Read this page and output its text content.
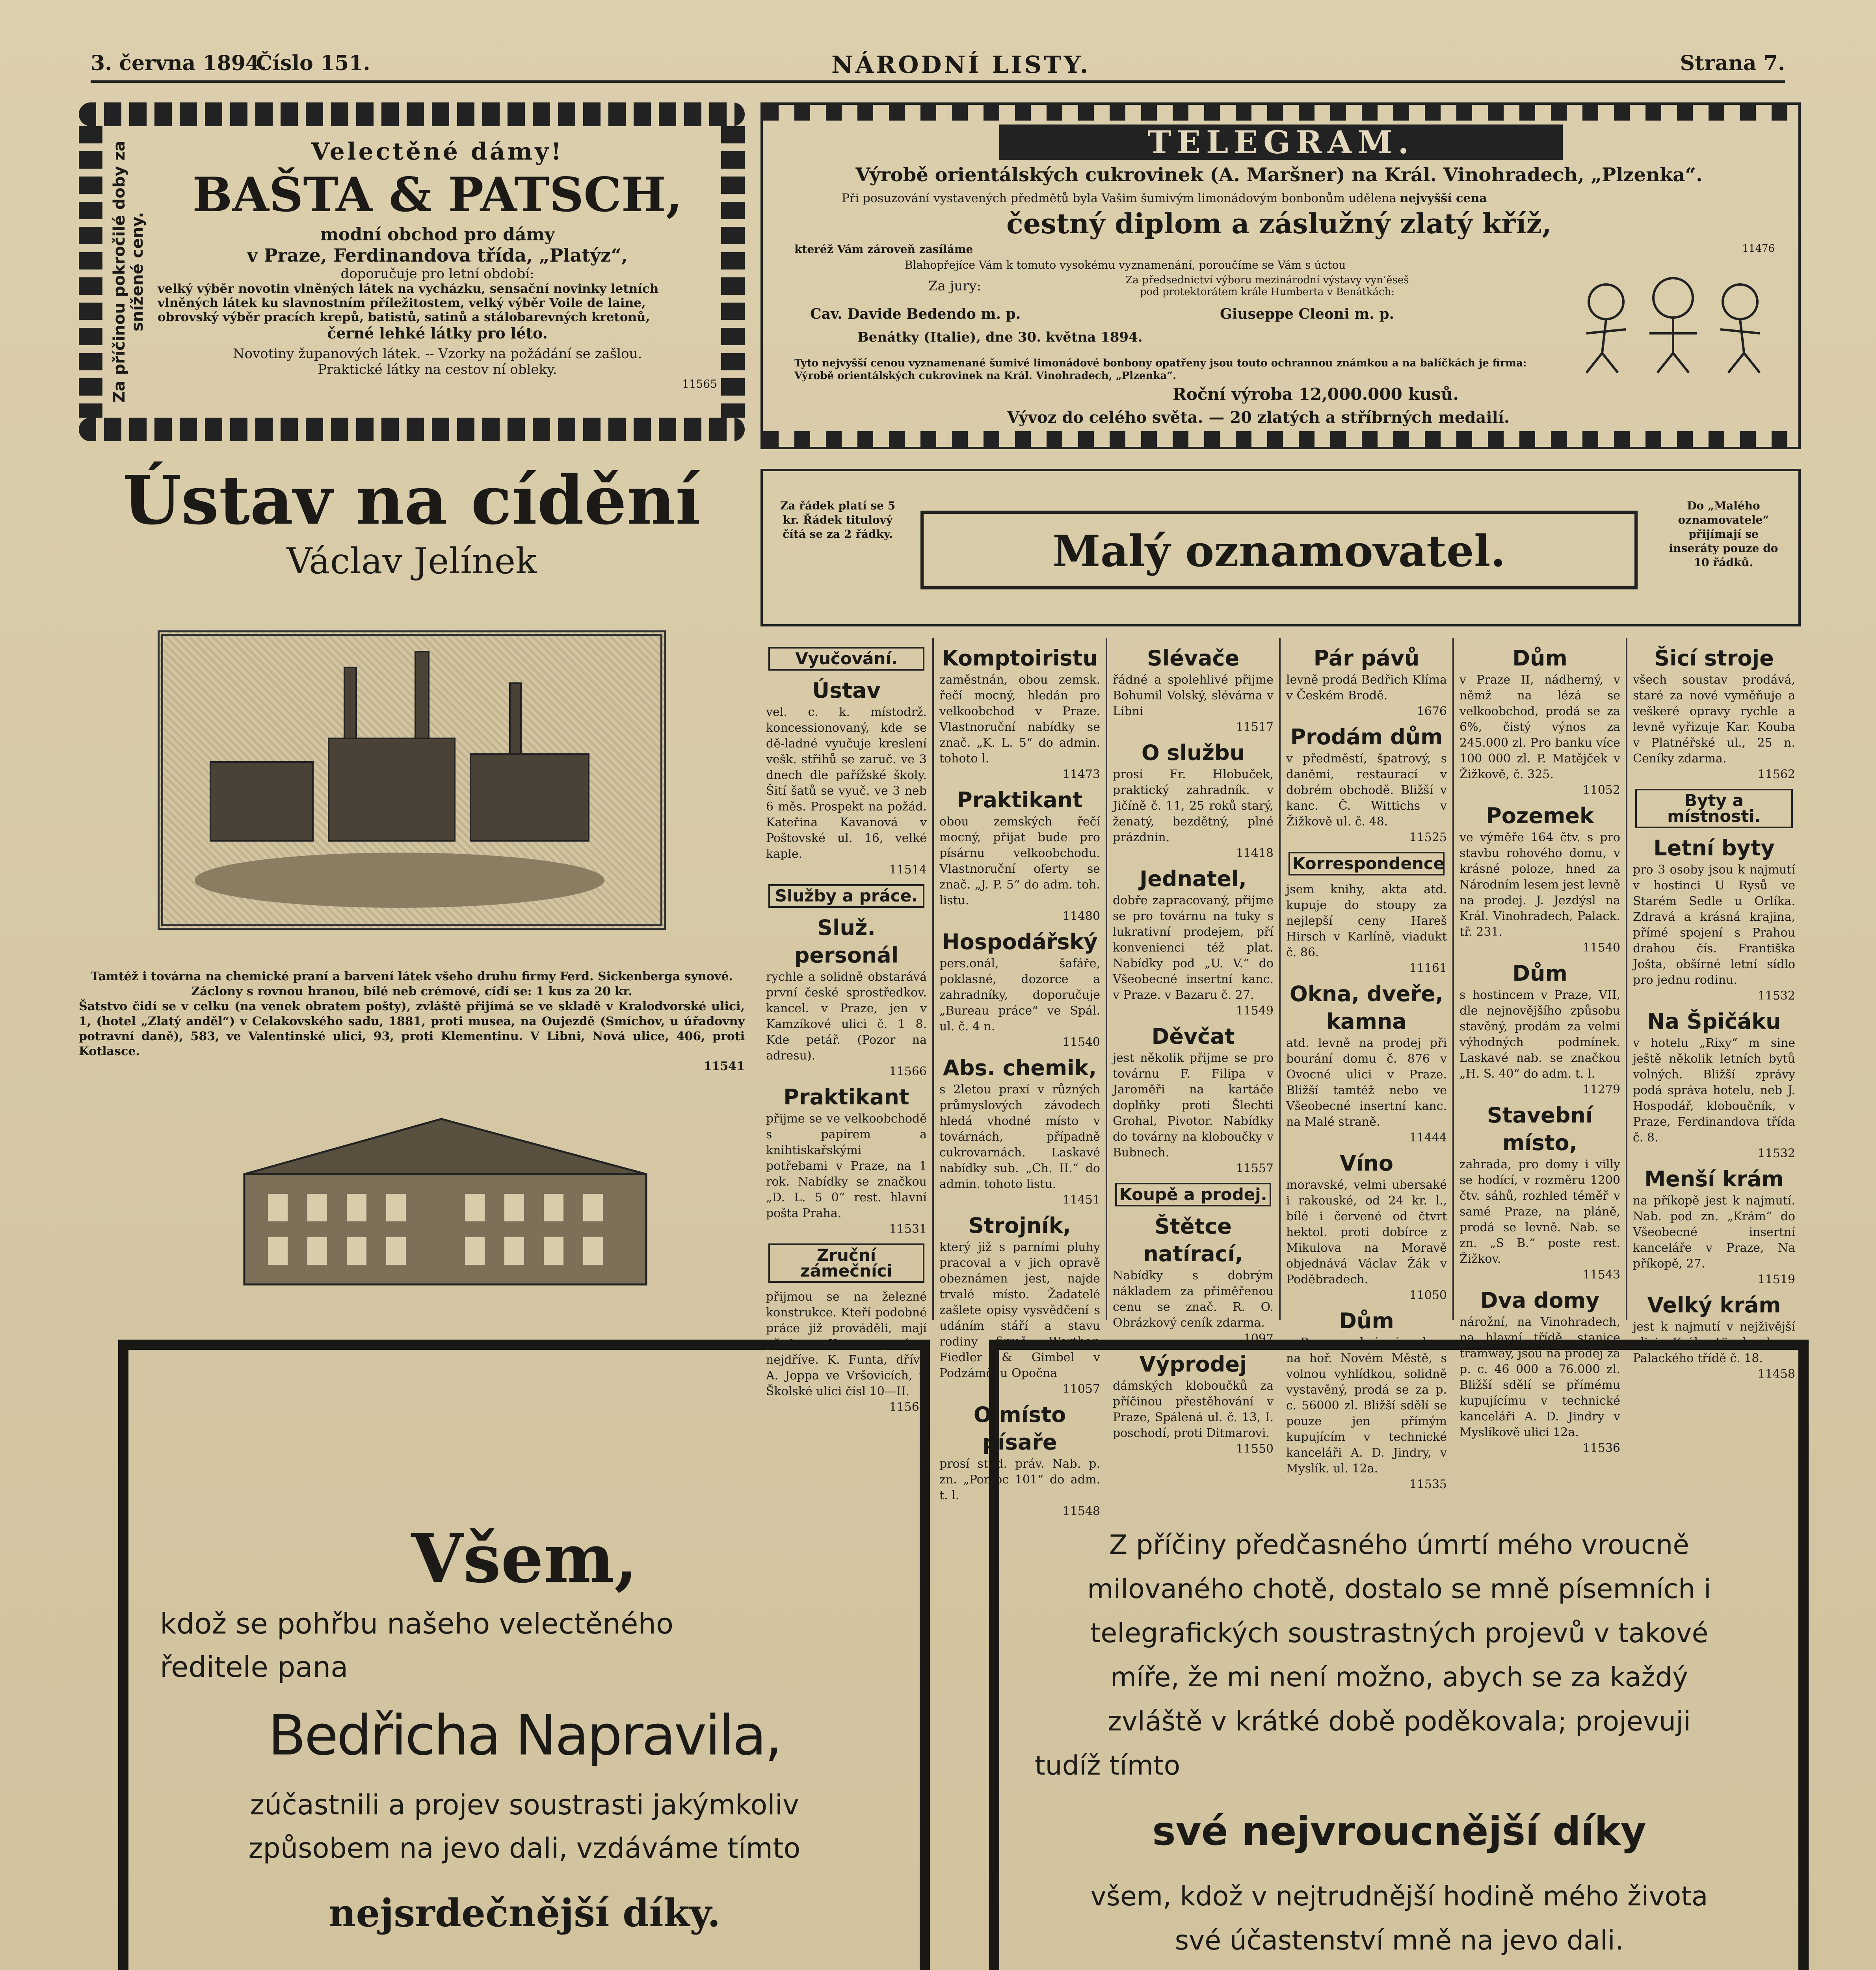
3. června 1894.
Číslo 151.	NÁRODNÍ LISTY.	Strana 7.
Za příčinou pokročilé doby za snížené ceny.
Velectěné dámy!
BAŠTA & PATSCH,
modní obchod pro dámy
v Praze, Ferdinandova třída, „Platýz“,
doporučuje pro letní období:
velký výběr novotin vlněných látek na vycházku, sensační novinky letních
vlněných látek ku slavnostním příležitostem, velký výběr Voile de laine,
obrovský výběr pracích krepů, batistů, satinů a stálobarevných kretonů,
černé lehké látky pro léto.
Novotiny županových látek. -- Vzorky na požádání se zašlou.
Praktické látky na cestov ní obleky.
11565
TELEGRAM.
Výrobě orientálských cukrovinek (A. Maršner) na Král. Vinohradech, „Plzenka“.
Při posuzování vystavených předmětů byla Vašim šumivým limonádovým bonbonům udělena nejvyšší cena
čestný diplom a záslužný zlatý kříž,
kteréž Vám zároveň zasíláme
Blahopřejíce Vám k tomuto vysokému vyznamenání, poroučíme se Vám s úctou
11476
Za jury:	Za předsednictví výboru mezinárodní výstavy vyn‘ěseš pod protektorátem krále Humberta v Benátkách:
Cav. Davide Bedendo m. p.	Giuseppe Cleoni m. p.
Benátky (Italie), dne 30. května 1894.
Tyto nejvyšší cenou vyznamenané šumivé limonádové bonbony opatřeny jsou touto ochrannou známkou a na balíčkách je firma: Výrobě orientálských cukrovinek na Král. Vinohradech, „Plzenka“.
Roční výroba 12,000.000 kusů.
Vývoz do celého světa. — 20 zlatých a stříbrných medailí.
Ústav na cídění
Václav Jelínek
Tamtéž i továrna na chemické praní a barvení látek všeho druhu firmy Ferd. Sickenberga synové.
Záclony s rovnou hranou, bílé neb crémové, cídí se: 1 kus za 20 kr.
Šatstvo čidí se v celku (na venek obratem pošty), zvláště přijímá se ve skladě v Kralodvorské ulici, 1, (hotel „Zlatý anděl“) v Celakovského sadu, 1881, proti musea, na Oujezdě (Smíchov, u úřadovny potravní daně), 583, ve Valentinské ulici, 93, proti Klementinu. V Libni, Nová ulice, 406, proti Kotlasce.
11541
Za řádek platí se 5 kr. Řádek titulový čítá se za 2 řádky.	Malý oznamovatel.
Do „Malého oznamovatele“ přijímají se inseráty pouze do 10 řádků.
Vyučování.
Ústav
vel. c. k. místodrž. koncessionovaný, kde se dě-ladné vyučuje kreslení vešk. střihů se zaruč. ve 3 dnech dle pařížské školy. Šití šatů se vyuč. ve 3 neb 6 měs. Prospekt na požád. Kateřina Kavanová v Poštovské ul. 16, velké kaple.
11514
Služby a práce.
Služ. personál
rychle a solidně obstarává první české sprostředkov. kancel. v Praze, jen v Kamzíkové ulici č. 1 8. Kde petář. (Pozor na adresu).
11566
Praktikant
přijme se ve velkoobchodě s papírem a knihtiskařskými potřebami v Praze, na 1 rok. Nabídky se značkou „D. L. 5 0“ rest. hlavní pošta Praha.
11531
Zruční zámečníci
přijmou se na železné konstrukce. Kteří podobné práce již prováděli, mají přednost. K nastoupení co nejdříve. K. Funta, dříve A. Joppa ve Vršovicích, u Školské ulici čísl 10—II.
11568
Komptoiristu
zaměstnán, obou zemsk. řečí mocný, hledán pro velkoobchod v Praze. Vlastnoruční nabídky se znač. „K. L. 5“ do admin. tohoto l.
11473
Praktikant
obou zemských řečí mocný, přijat bude pro písárnu velkoobchodu. Vlastnoruční oferty se znač. „J. P. 5“ do adm. toh. listu.
11480
Hospodářský
pers.onál, šafáře, poklasné, dozorce a zahradníky, doporučuje „Bureau práce“ ve Spál. ul. č. 4 n.
11540
Abs. chemik,
s 2letou praxí v různých průmyslových závodech hledá vhodné místo v továrnách, případně cukrovarnách. Laskavé nabídky sub. „Ch. II.“ do admin. tohoto listu.
11451
Strojník,
který již s parními pluhy pracoval a v jich opravě obeznámen jest, najde trvalé místo. Žadatelé zašlete opisy vysvědčení s udáním stáří a stavu rodiny firmě: Werthar, Fiedler & Gimbel v Podzámčí u Opočna
11057
O místo písaře
prosí stud. práv. Nab. p. zn. „Pomoc 101“ do adm. t. l.
11548
Slévače
řádné a spolehlivé přijme Bohumil Volský, slévárna v Libni
11517
O službu
prosí Fr. Hlobuček, praktický zahradník. v Jičíně č. 11, 25 roků starý, ženatý, bezdětný, plné prázdnin.
11418
Jednatel,
dobře zapracovaný, přijme se pro továrnu na tuky s lukrativní prodejem, pří konvenienci též plat. Nabídky pod „U. V.“ do Všeobecné insertní kanc. v Praze. v Bazaru č. 27.
11549
Děvčat
jest několik přijme se pro továrnu F. Filipa v Jaroměři na kartáče doplňky proti Šlechti Grohal, Pivotor. Nabídky do továrny na kloboučky v Bubnech.
11557
Koupě a prodej.
Štětce natírací,
Nabídky s dobrým nákladem za přiměřenou cenu se znač. R. O. Obrázkový ceník zdarma.
1097
Výprodej
dámských kloboučků za příčinou přestěhování v Praze, Spálená ul. č. 13, I. poschodí, proti Ditmarovi.
11550
Pár pávů
levně prodá Bedřich Klíma v Českém Brodě.
1676
Prodám dům
v předměstí, špatrový, s daněmi, restaurací v dobrém obchodě. Bližší v kanc. Č. Wittichs v Žižkově ul. č. 48.
11525
Korrespondence
jsem knihy, akta atd. kupuje do stoupy za nejlepší ceny Hareš Hirsch v Karlíně, viadukt č. 86.
11161
Okna, dveře, kamna
atd. levně na prodej při bourání domu č. 876 v Ovocné ulici v Praze. Bližší tamtéž nebo ve Všeobecné insertní kanc. na Malé straně.
11444
Víno
moravské, velmi ubersaké i rakouské, od 24 kr. l., bílé i červené od čtvrt hektol. proti dobírce z Mikulova na Moravě objednává Václav Žák v Poděbradech.
11050
Dům
v Praze, v krásné poloze na hoř. Novém Městě, s volnou vyhlídkou, solidně vystavěný, prodá se za p. c. 56000 zl. Bližší sdělí se pouze jen přímým kupujícím v technické kanceláři A. D. Jindry, v Myslík. ul. 12a.
11535
Dům
v Praze II, nádherný, v němž na lézá se velkoobchod, prodá se za 6%, čistý výnos za 245.000 zl. Pro banku více 100 000 zl. P. Matějček v Žižkově, č. 325.
11052
Pozemek
ve výměře 164 čtv. s pro stavbu rohového domu, v krásné poloze, hned za Národním lesem jest levně na prodej. J. Jezdýsl na Král. Vinohradech, Palack. tř. 231.
11540
Dům
s hostincem v Praze, VII, dle nejnovějšího způsobu stavěný, prodám za velmi výhodných podmínek. Laskavé nab. se značkou „H. S. 40“ do adm. t. l.
11279
Stavební místo,
zahrada, pro domy i villy se hodící, v rozměru 1200 čtv. sáhů, rozhled téměř v samé Praze, na pláně, prodá se levně. Nab. se zn. „S B.“ poste rest. Žižkov.
11543
Dva domy
nárožní, na Vinohradech, na hlavní třídě, stanice tramway, jsou na prodej za p. c. 46 000 a 76.000 zl. Bližší sdělí se přímému kupujícímu v technické kanceláři A. D. Jindry v Myslíkově ulici 12a.
11536
Šicí stroje
všech soustav prodává, staré za nové vyměňuje a veškeré opravy rychle a levně vyřizuje Kar. Kouba v Platnéřské ul., 25 n. Ceníky zdarma.
11562
Byty a místnosti.
Letní byty
pro 3 osoby jsou k najmutí v hostinci U Rysů ve Starém Sedle u Orlíka. Zdravá a krásná krajina, přímé spojení s Prahou drahou čís. Františka Jošta, obšírné letní sídlo pro jednu rodinu.
11532
Na Špičáku
v hotelu „Rixy“ m sine ještě několik letních bytů volných. Bližší zprávy podá správa hotelu, neb J. Hospodář, kloboučník, v Praze, Ferdinandova třída č. 8.
11532
Menší krám
na příkopě jest k najmutí. Nab. pod zn. „Krám“ do Všeobecné insertní kanceláře v Praze, Na příkopě, 27.
11519
Velký krám
jest k najmutí v nejživější ulici Král. Vinohrad, v Palackého třídě č. 18.
11458
Všem,
kdož se pohřbu našeho velectěného
ředitele pana
Bedřicha Napravila,
zúčastnili a projev soustrasti jakýmkoliv
způsobem na jevo dali, vzdáváme tímto
nejsrdečnější díky.
Z příčiny předčasného úmrtí mého vroucně
milovaného chotě, dostalo se mně písemních i
telegrafických soustrastných projevů v takové
míře, že mi není možno, abych se za každý
zvláště v krátké době poděkovala; projevuji
tudíž tímto
své nejvroucnější díky
všem, kdož v nejtrudnější hodině mého života
své účastenství mně na jevo dali.
